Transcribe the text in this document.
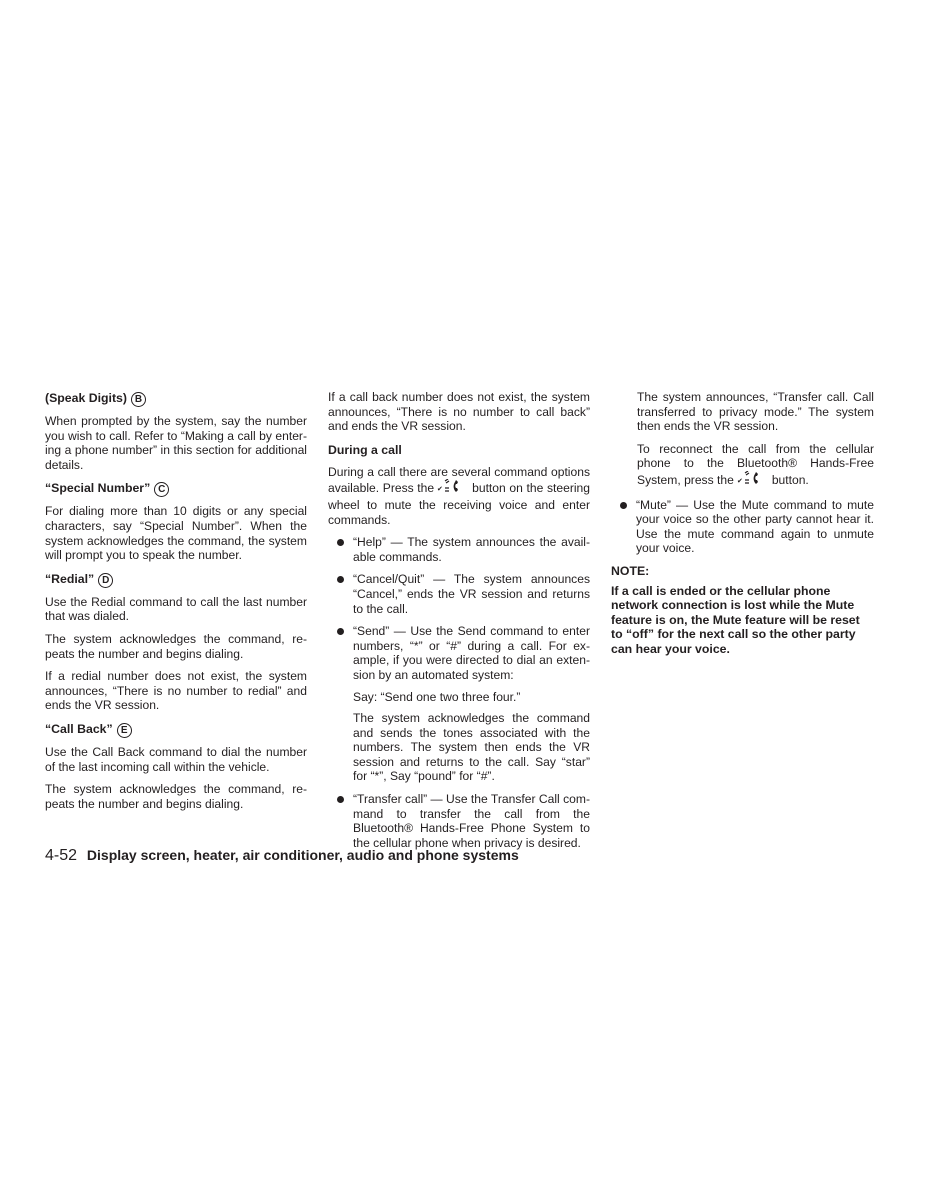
(Speak Digits) B

When prompted by the system, say the number you wish to call. Refer to “Making a call by entering a phone number” in this section for additional details.

“Special Number” C

For dialing more than 10 digits or any special characters, say “Special Number”. When the system acknowledges the command, the system will prompt you to speak the number.

“Redial” D

Use the Redial command to call the last number that was dialed.

The system acknowledges the command, repeats the number and begins dialing.

If a redial number does not exist, the system announces, “There is no number to redial” and ends the VR session.

“Call Back” E

Use the Call Back command to dial the number of the last incoming call within the vehicle.

The system acknowledges the command, repeats the number and begins dialing.

If a call back number does not exist, the system announces, “There is no number to call back” and ends the VR session.

During a call

During a call there are several command options available. Press the ✔ button on the steering wheel to mute the receiving voice and enter commands.

“Help” — The system announces the available commands.

“Cancel/Quit” — The system announces “Cancel,” ends the VR session and returns to the call.

“Send” — Use the Send command to enter numbers, “*” or “#” during a call. For example, if you were directed to dial an extension by an automated system:

Say: “Send one two three four.”

The system acknowledges the command and sends the tones associated with the numbers. The system then ends the VR session and returns to the call. Say “star” for “*”, Say “pound” for “#”.

“Transfer call” — Use the Transfer Call command to transfer the call from the Bluetooth® Hands-Free Phone System to the cellular phone when privacy is desired.

The system announces, “Transfer call. Call transferred to privacy mode.” The system then ends the VR session.

To reconnect the call from the cellular phone to the Bluetooth® Hands-Free System, press the ✔ button.

“Mute” — Use the Mute command to mute your voice so the other party cannot hear it. Use the mute command again to unmute your voice.

NOTE:

If a call is ended or the cellular phone network connection is lost while the Mute feature is on, the Mute feature will be reset to “off” for the next call so the other party can hear your voice.

4-52 Display screen, heater, air conditioner, audio and phone systems
